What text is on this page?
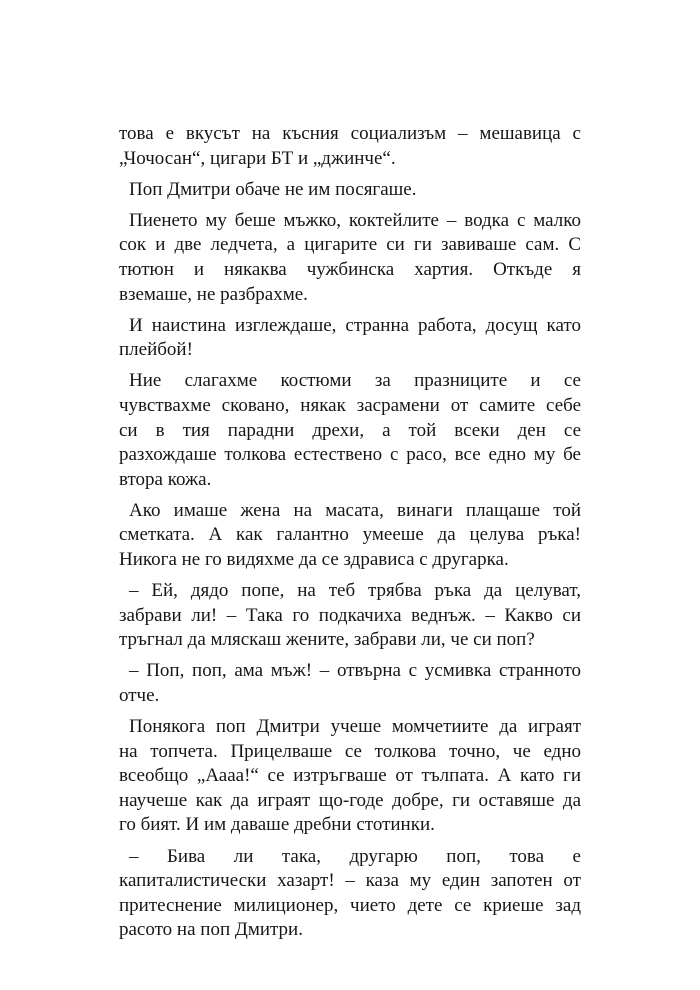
това е вкусът на късния социализъм – мешавица с
„Чочосан“, цигари БТ и „джинче“.
Поп Дмитри обаче не им посягаше.
Пиенето му беше мъжко, коктейлите – водка с малко
сок и две ледчета, а цигарите си ги завиваше сам. С
тютюн и някаква чужбинска хартия. Откъде я
вземаше, не разбрахме.
И наистина изглеждаше, странна работа, досущ като
плейбой!
Ние слагахме костюми за празниците и се
чувствахме сковано, някак засрамени от самите себе
си в тия парадни дрехи, а той всеки ден се
разхождаше толкова естествено с расо, все едно му бе
втора кожа.
Ако имаше жена на масата, винаги плащаше той
сметката. А как галантно умееше да целува ръка!
Никога не го видяхме да се здрависа с другарка.
– Ей, дядо попе, на теб трябва ръка да целуват,
забрави ли! – Така го подкачиха веднъж. – Какво си
тръгнал да мляскаш жените, забрави ли, че си поп?
– Поп, поп, ама мъж! – отвърна с усмивка странното
отче.
Понякога поп Дмитри учеше момчетиите да играят
на топчета. Прицелваше се толкова точно, че едно
всеобщо „Аааа!“ се изтръгваше от тълпата. А като ги
научеше как да играят що-годе добре, ги оставяше да
го бият. И им даваше дребни стотинки.
– Бива ли така, другарю поп, това е
капиталистически хазарт! – каза му един запотен от
притеснение милиционер, чието дете се криеше зад
расото на поп Дмитри.
